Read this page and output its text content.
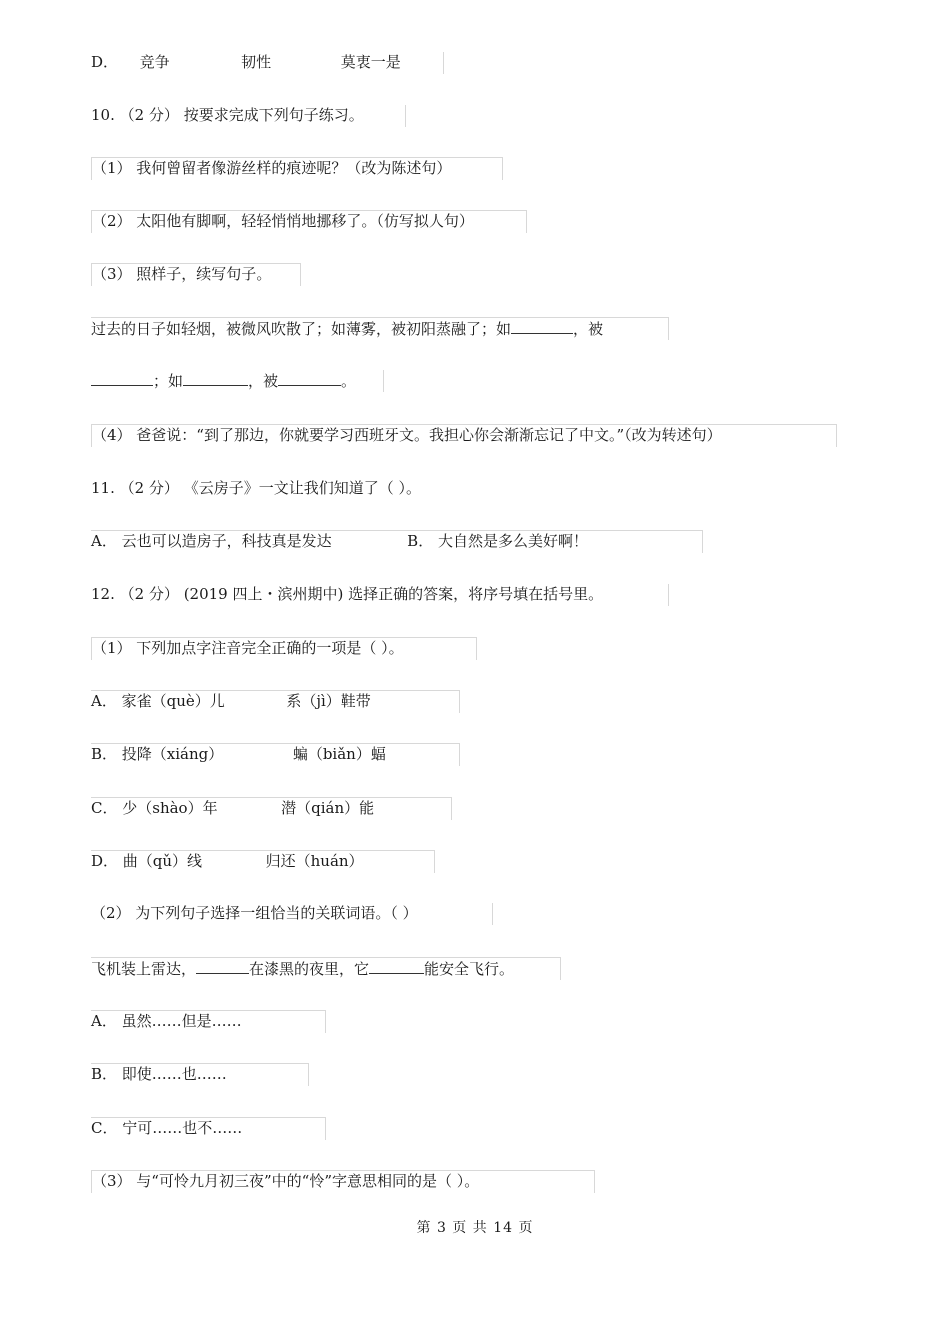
D． 竞争	韧性	莫衷一是
10. （2 分） 按要求完成下列句子练习。
（1） 我何曾留者像游丝样的痕迹呢？（改为陈述句）
（2） 太阳他有脚啊，轻轻悄悄地挪移了。（仿写拟人句）
（3） 照样子，续写句子。
过去的日子如轻烟，被微风吹散了；如薄雾，被初阳蒸融了；如	，被
；如	，被	。
（4） 爸爸说：“到了那边，你就要学习西班牙文。我担心你会渐渐忘记了中文。”（改为转述句）
11. （2 分） 《云房子》一文让我们知道了（ ）。
A． 云也可以造房子，科技真是发达	B． 大自然是多么美好啊！
12. （2 分） (2019 四上・滨州期中) 选择正确的答案，将序号填在括号里。
（1） 下列加点字注音完全正确的一项是（ ）。
A． 家雀（què）儿	系（jì）鞋带
B． 投降（xiáng）	蝙（biǎn）蝠
C． 少（shào）年	潜（qián）能
D． 曲（qǔ）线	归还（huán）
（2） 为下列句子选择一组恰当的关联词语。（ ）
飞机装上雷达，	在漆黑的夜里，它	能安全飞行。
A． 虽然……但是……
B． 即使……也……
C． 宁可……也不……
（3） 与“可怜九月初三夜”中的“怜”字意思相同的是（ ）。
第 3 页 共 14 页
